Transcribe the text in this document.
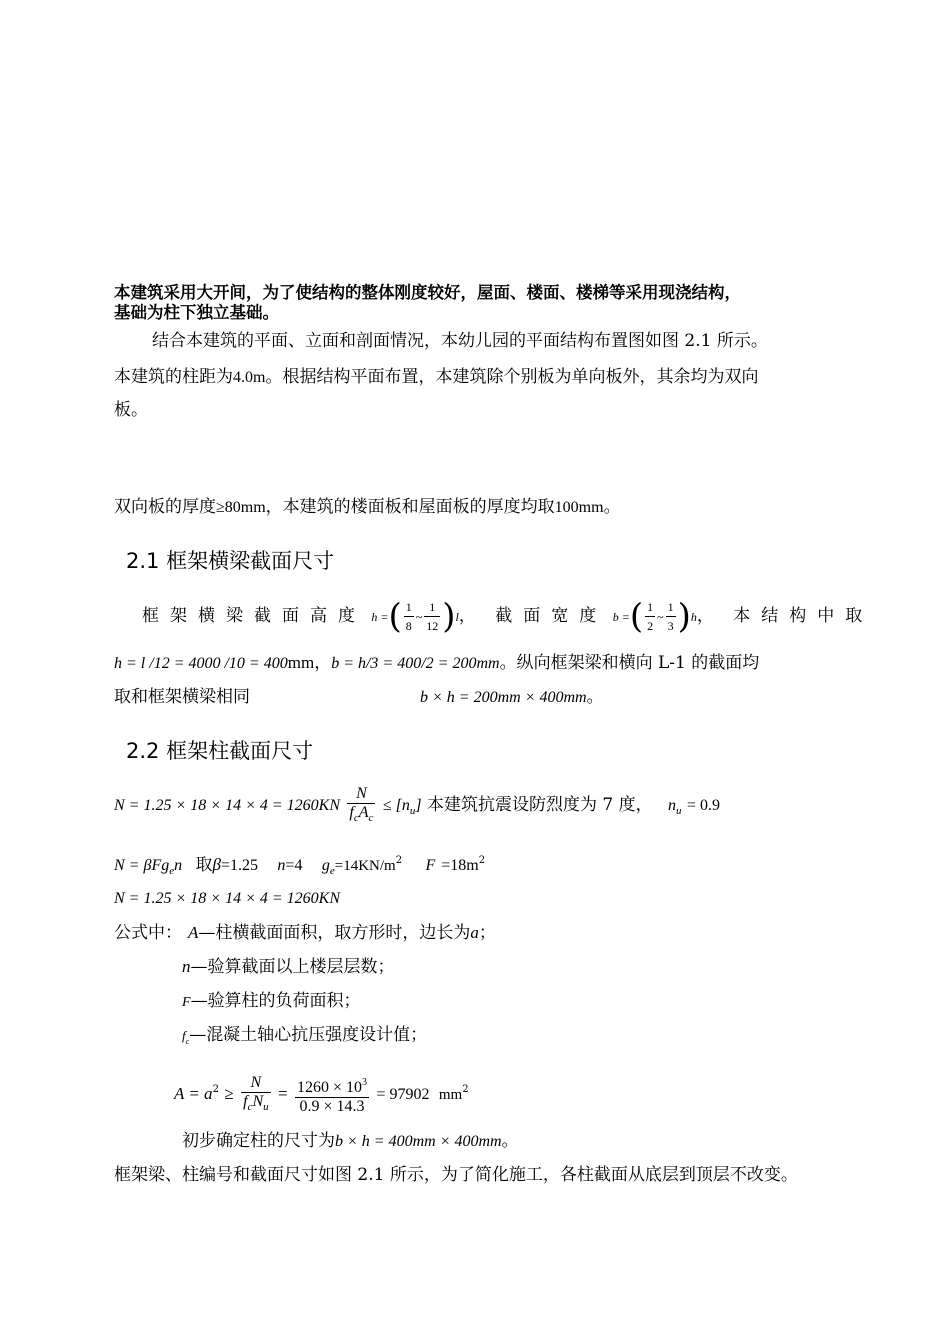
本建筑采用大开间，为了使结构的整体刚度较好，屋面、楼面、楼梯等采用现浇结构，
基础为柱下独立基础。
结合本建筑的平面、立面和剖面情况，本幼儿园的平面结构布置图如图 2.1 所示。
本建筑的柱距为4.0m。根据结构平面布置，本建筑除个别板为单向板外，其余均为双向
板。
双向板的厚度≥80mm，本建筑的楼面板和屋面板的厚度均取100mm。
2.1 框架横梁截面尺寸
框架横梁截面高度 h =( $\frac{1}{8}$ ~ $\frac{1}{12} )l$， 截面宽度 b =( $\frac{1}{2}$ ~ $\frac{1}{3} )h$， 本结构中取
h = l /12 = 4000 /10 = 400mm，b = h/3 = 400/2 = 200mm。纵向框架梁和横向 L-1 的截面均
取和框架横梁相同	b × h = 200mm × 400mm。
2.2 框架柱截面尺寸
$N = 1.25 \times 18 \times 14 \times 4 = 1260KN \frac{N}{f_cA_c} \le [n_u]$ 本建筑抗震设防烈度为 7 度， $n_u = 0.9$
N = βFg$_e$n 取β=1.25 n=4 $g_e=14KN/m^2$ $F =18m^2$
N = 1.25 × 18 × 14 × 4 = 1260KN
公式中： A—柱横截面面积，取方形时，边长为a；
n—验算截面以上楼层层数；
F—验算柱的负荷面积；
$f_c—$混凝土轴心抗压强度设计值；
$A = a^2 \ge \frac{N}{f_cN_u} = \frac{1260 \times 10^3}{0.9 \times 14.3} = 97902$ $mm^2$
初步确定柱的尺寸为b × h = 400mm × 400mm。
框架梁、柱编号和截面尺寸如图 2.1 所示，为了简化施工，各柱截面从底层到顶层不改变。
